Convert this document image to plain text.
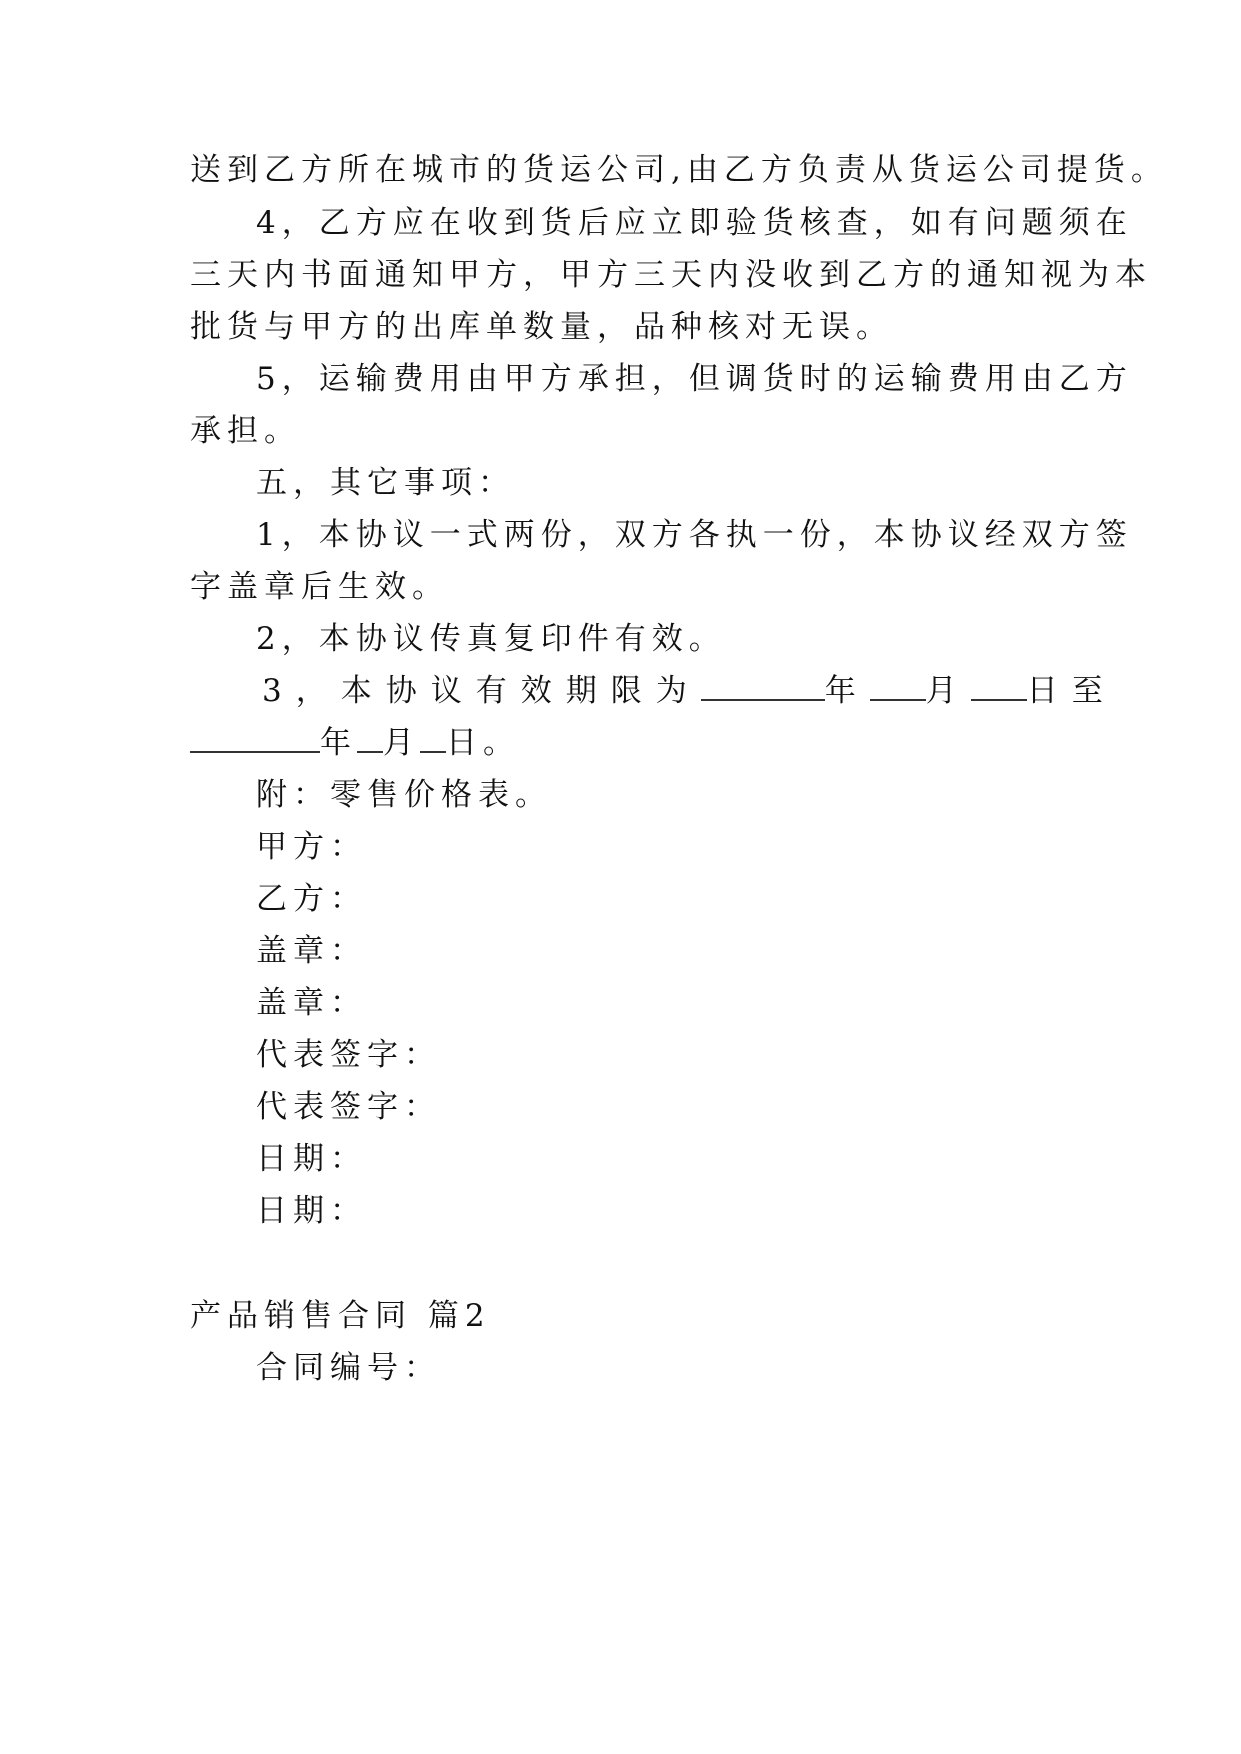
送到乙方所在城市的货运公司,由乙方负责从货运公司提货。
4，乙方应在收到货后应立即验货核查，如有问题须在
三天内书面通知甲方，甲方三天内没收到乙方的通知视为本
批货与甲方的出库单数量，品种核对无误。
5，运输费用由甲方承担，但调货时的运输费用由乙方
承担。
五，其它事项：
1，本协议一式两份，双方各执一份，本协议经双方签
字盖章后生效。
2，本协议传真复印件有效。
3，本协议有效期限为	年 月 日至
年 月 日。
附：零售价格表。
甲方：
乙方：
盖章：
盖章：
代表签字：
代表签字：
日期：
日期：
产品销售合同 篇2
合同编号：
